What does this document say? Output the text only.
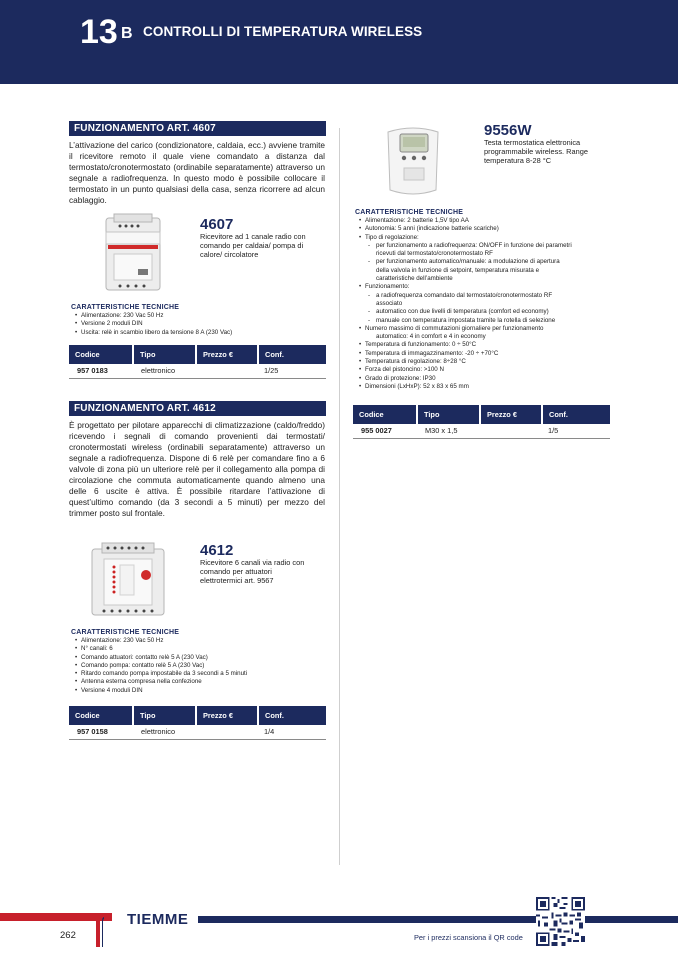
13 B CONTROLLI DI TEMPERATURA WIRELESS
FUNZIONAMENTO ART. 4607

L’attivazione del carico (condizionatore, caldaia, ecc.) avviene tramite il ricevitore remoto il quale viene comandato a distanza dal termostato/cronotermostato (ordinabile separatamente) attraverso un segnale a radiofrequenza. In questo modo è possibile collocare il termostato in un punto qualsiasi della casa, senza ricorrere ad alcun cablaggio.

4607
Ricevitore ad 1 canale radio con comando per caldaia/ pompa di calore/ circolatore
CARATTERISTICHE TECNICHE
• Alimentazione: 230 Vac 50 Hz
• Versione 2 moduli DIN
• Uscita: relè in scambio libero da tensione 8 A (230 Vac)
Codice	Tipo	Prezzo €	Conf.
957 0183	elettronico		1/25
FUNZIONAMENTO ART. 4612

È progettato per pilotare apparecchi di climatizzazione (caldo/freddo) ricevendo i segnali di comando provenienti dai termostati/ cronotermostati wireless (ordinabili separatamente) attraverso un segnale a radiofrequenza. Dispone di 6 relè per comandare fino a 6 valvole di zona più un ulteriore relè per il collegamento alla pompa di circolazione che commuta automaticamente quando almeno una delle 6 uscite è attiva. È possibile ritardare l’attivazione di quest’ultimo comando (da 3 secondi a 5 minuti) per mezzo del trimmer posto sul frontale.

4612
Ricevitore 6 canali via radio con comando per attuatori elettrotermici art. 9567
CARATTERISTICHE TECNICHE
• Alimentazione: 230 Vac 50 Hz
• N° canali: 6
• Comando attuatori: contatto relè 5 A (230 Vac)
• Comando pompa: contatto relè 5 A (230 Vac)
• Ritardo comando pompa impostabile da 3 secondi a 5 minuti
• Antenna esterna compresa nella confezione
• Versione 4 moduli DIN
Codice	Tipo	Prezzo €	Conf.
957 0158	elettronico		1/4
9556W
Testa termostatica elettronica programmabile wireless. Range temperatura 8-28 °C
CARATTERISTICHE TECNICHE
• Alimentazione: 2 batterie 1,5V tipo AA
• Autonomia: 5 anni (indicazione batterie scariche)
• Tipo di regolazione:
- per funzionamento a radiofrequenza: ON/OFF in funzione dei parametri
ricevuti dal termostato/cronotermostato RF
- per funzionamento automatico/manuale: a modulazione di apertura
della valvola in funzione di setpoint, temperatura misurata e
caratteristiche dell’ambiente
• Funzionamento:
- a radiofrequenza comandato dal termostato/cronotermostato RF
associato
- automatico con due livelli di temperatura (comfort ed economy)
- manuale con temperatura impostata tramite la rotella di selezione
• Numero massimo di commutazioni giornaliere per funzionamento
automatico: 4 in comfort e 4 in economy
• Temperatura di funzionamento: 0 ÷ 50°C
• Temperatura di immagazzinamento: -20 ÷ +70°C
• Temperatura di regolazione: 8÷28 °C
• Forza del pistoncino: >100 N
• Grado di protezione: IP30
• Dimensioni (LxHxP): 52 x 83 x 65 mm
Codice	Tipo	Prezzo €	Conf.
955 0027	M30 x 1,5		1/5
TIEMME
262	Per i prezzi scansiona il QR code
